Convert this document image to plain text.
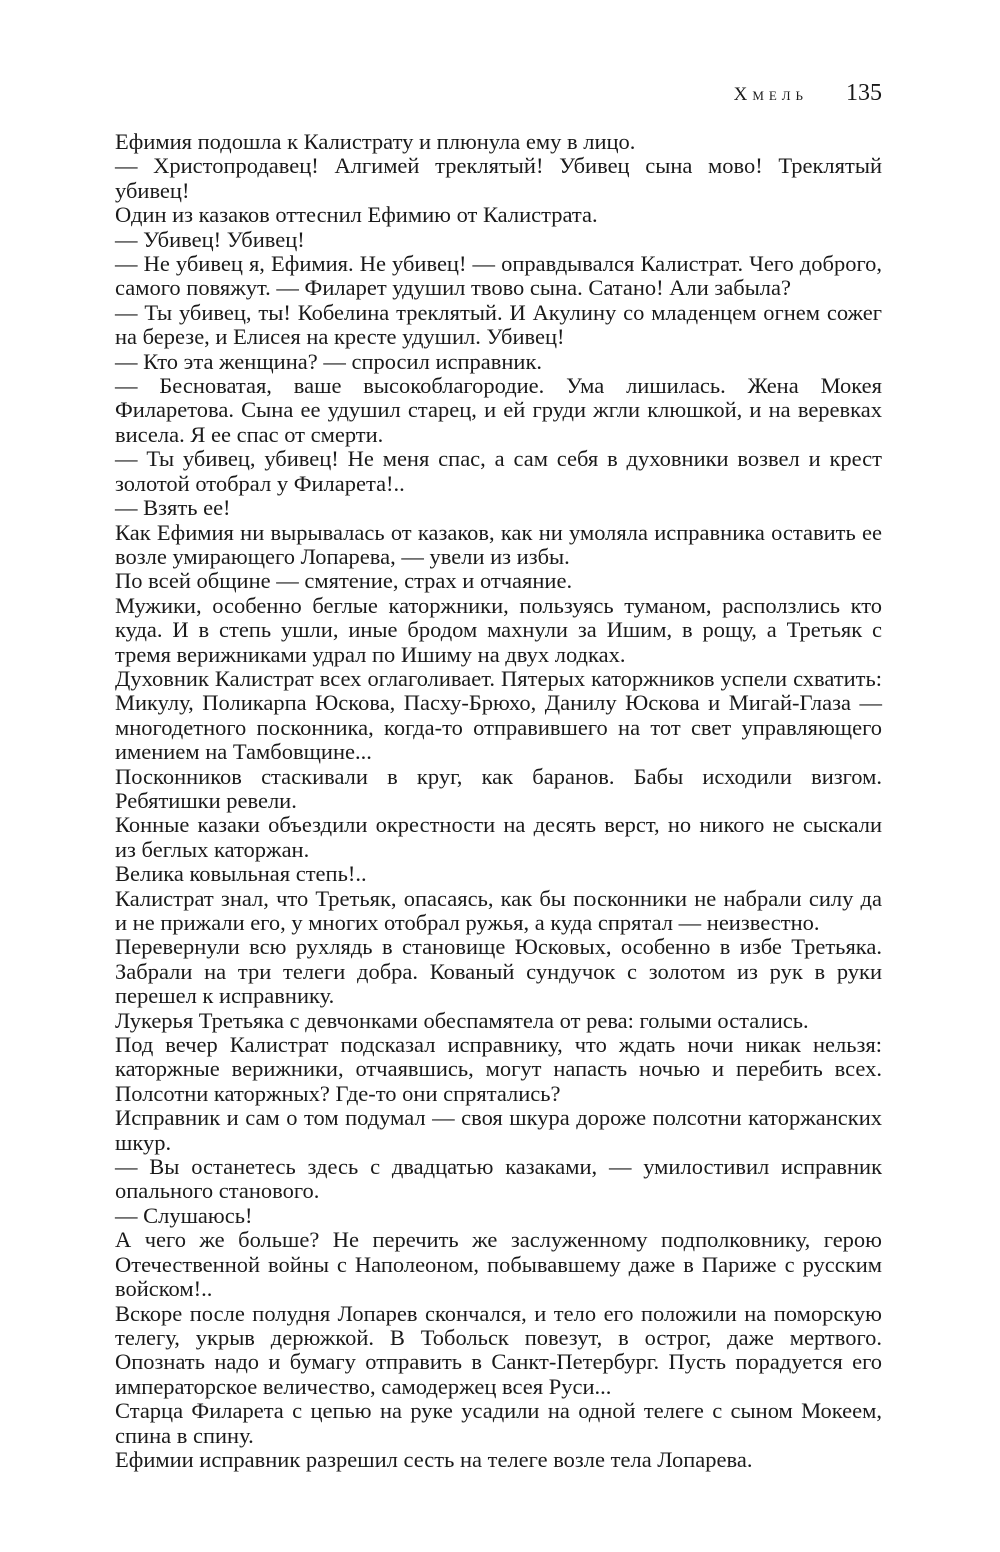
Хмель 135

Ефимия подошла к Калистрату и плюнула ему в лицо.

— Христопродавец! Алгимей треклятый! Убивец сына мово! Треклятый убивец!

Один из казаков оттеснил Ефимию от Калистрата.

— Убивец! Убивец!

— Не убивец я, Ефимия. Не убивец! — оправдывался Калистрат. Чего доброго, самого повяжут. — Филарет удушил твово сына. Сатано! Али забыла?

— Ты убивец, ты! Кобелина треклятый. И Акулину со младенцем огнем сожег на березе, и Елисея на кресте удушил. Убивец!

— Кто эта женщина? — спросил исправник.

— Бесноватая, ваше высокоблагородие. Ума лишилась. Жена Мокея Филаретова. Сына ее удушил старец, и ей груди жгли клюшкой, и на веревках висела. Я ее спас от смерти.

— Ты убивец, убивец! Не меня спас, а сам себя в духовники возвел и крест золотой отобрал у Филарета!..

— Взять ее!

Как Ефимия ни вырывалась от казаков, как ни умоляла исправника оставить ее возле умирающего Лопарева, — увели из избы.

По всей общине — смятение, страх и отчаяние.

Мужики, особенно беглые каторжники, пользуясь туманом, расползлись кто куда. И в степь ушли, иные бродом махнули за Ишим, в рощу, а Третьяк с тремя верижниками удрал по Ишиму на двух лодках.

Духовник Калистрат всех оглаголивает. Пятерых каторжников успели схватить: Микулу, Поликарпа Юскова, Пасху-Брюхо, Данилу Юскова и Мигай-Глаза — многодетного посконника, когда-то отправившего на тот свет управляющего имением на Тамбовщине...

Посконников стаскивали в круг, как баранов. Бабы исходили визгом. Ребятишки ревели.

Конные казаки объездили окрестности на десять верст, но никого не сыскали из беглых каторжан.

Велика ковыльная степь!..

Калистрат знал, что Третьяк, опасаясь, как бы посконники не набрали силу да и не прижали его, у многих отобрал ружья, а куда спрятал — неизвестно.

Перевернули всю рухлядь в становище Юсковых, особенно в избе Третьяка. Забрали на три телеги добра. Кованый сундучок с золотом из рук в руки перешел к исправнику.

Лукерья Третьяка с девчонками обеспамятела от рева: голыми остались.

Под вечер Калистрат подсказал исправнику, что ждать ночи никак нельзя: каторжные верижники, отчаявшись, могут напасть ночью и перебить всех. Полсотни каторжных? Где-то они спрятались?

Исправник и сам о том подумал — своя шкура дороже полсотни каторжанских шкур.

— Вы останетесь здесь с двадцатью казаками, — умилостивил исправник опального станового.

— Слушаюсь!

А чего же больше? Не перечить же заслуженному подполковнику, герою Отечественной войны с Наполеоном, побывавшему даже в Париже с русским войском!..

Вскоре после полудня Лопарев скончался, и тело его положили на поморскую телегу, укрыв дерюжкой. В Тобольск повезут, в острог, даже мертвого. Опознать надо и бумагу отправить в Санкт-Петербург. Пусть порадуется его императорское величество, самодержец всея Руси...

Старца Филарета с цепью на руке усадили на одной телеге с сыном Мокеем, спина в спину.

Ефимии исправник разрешил сесть на телеге возле тела Лопарева.
